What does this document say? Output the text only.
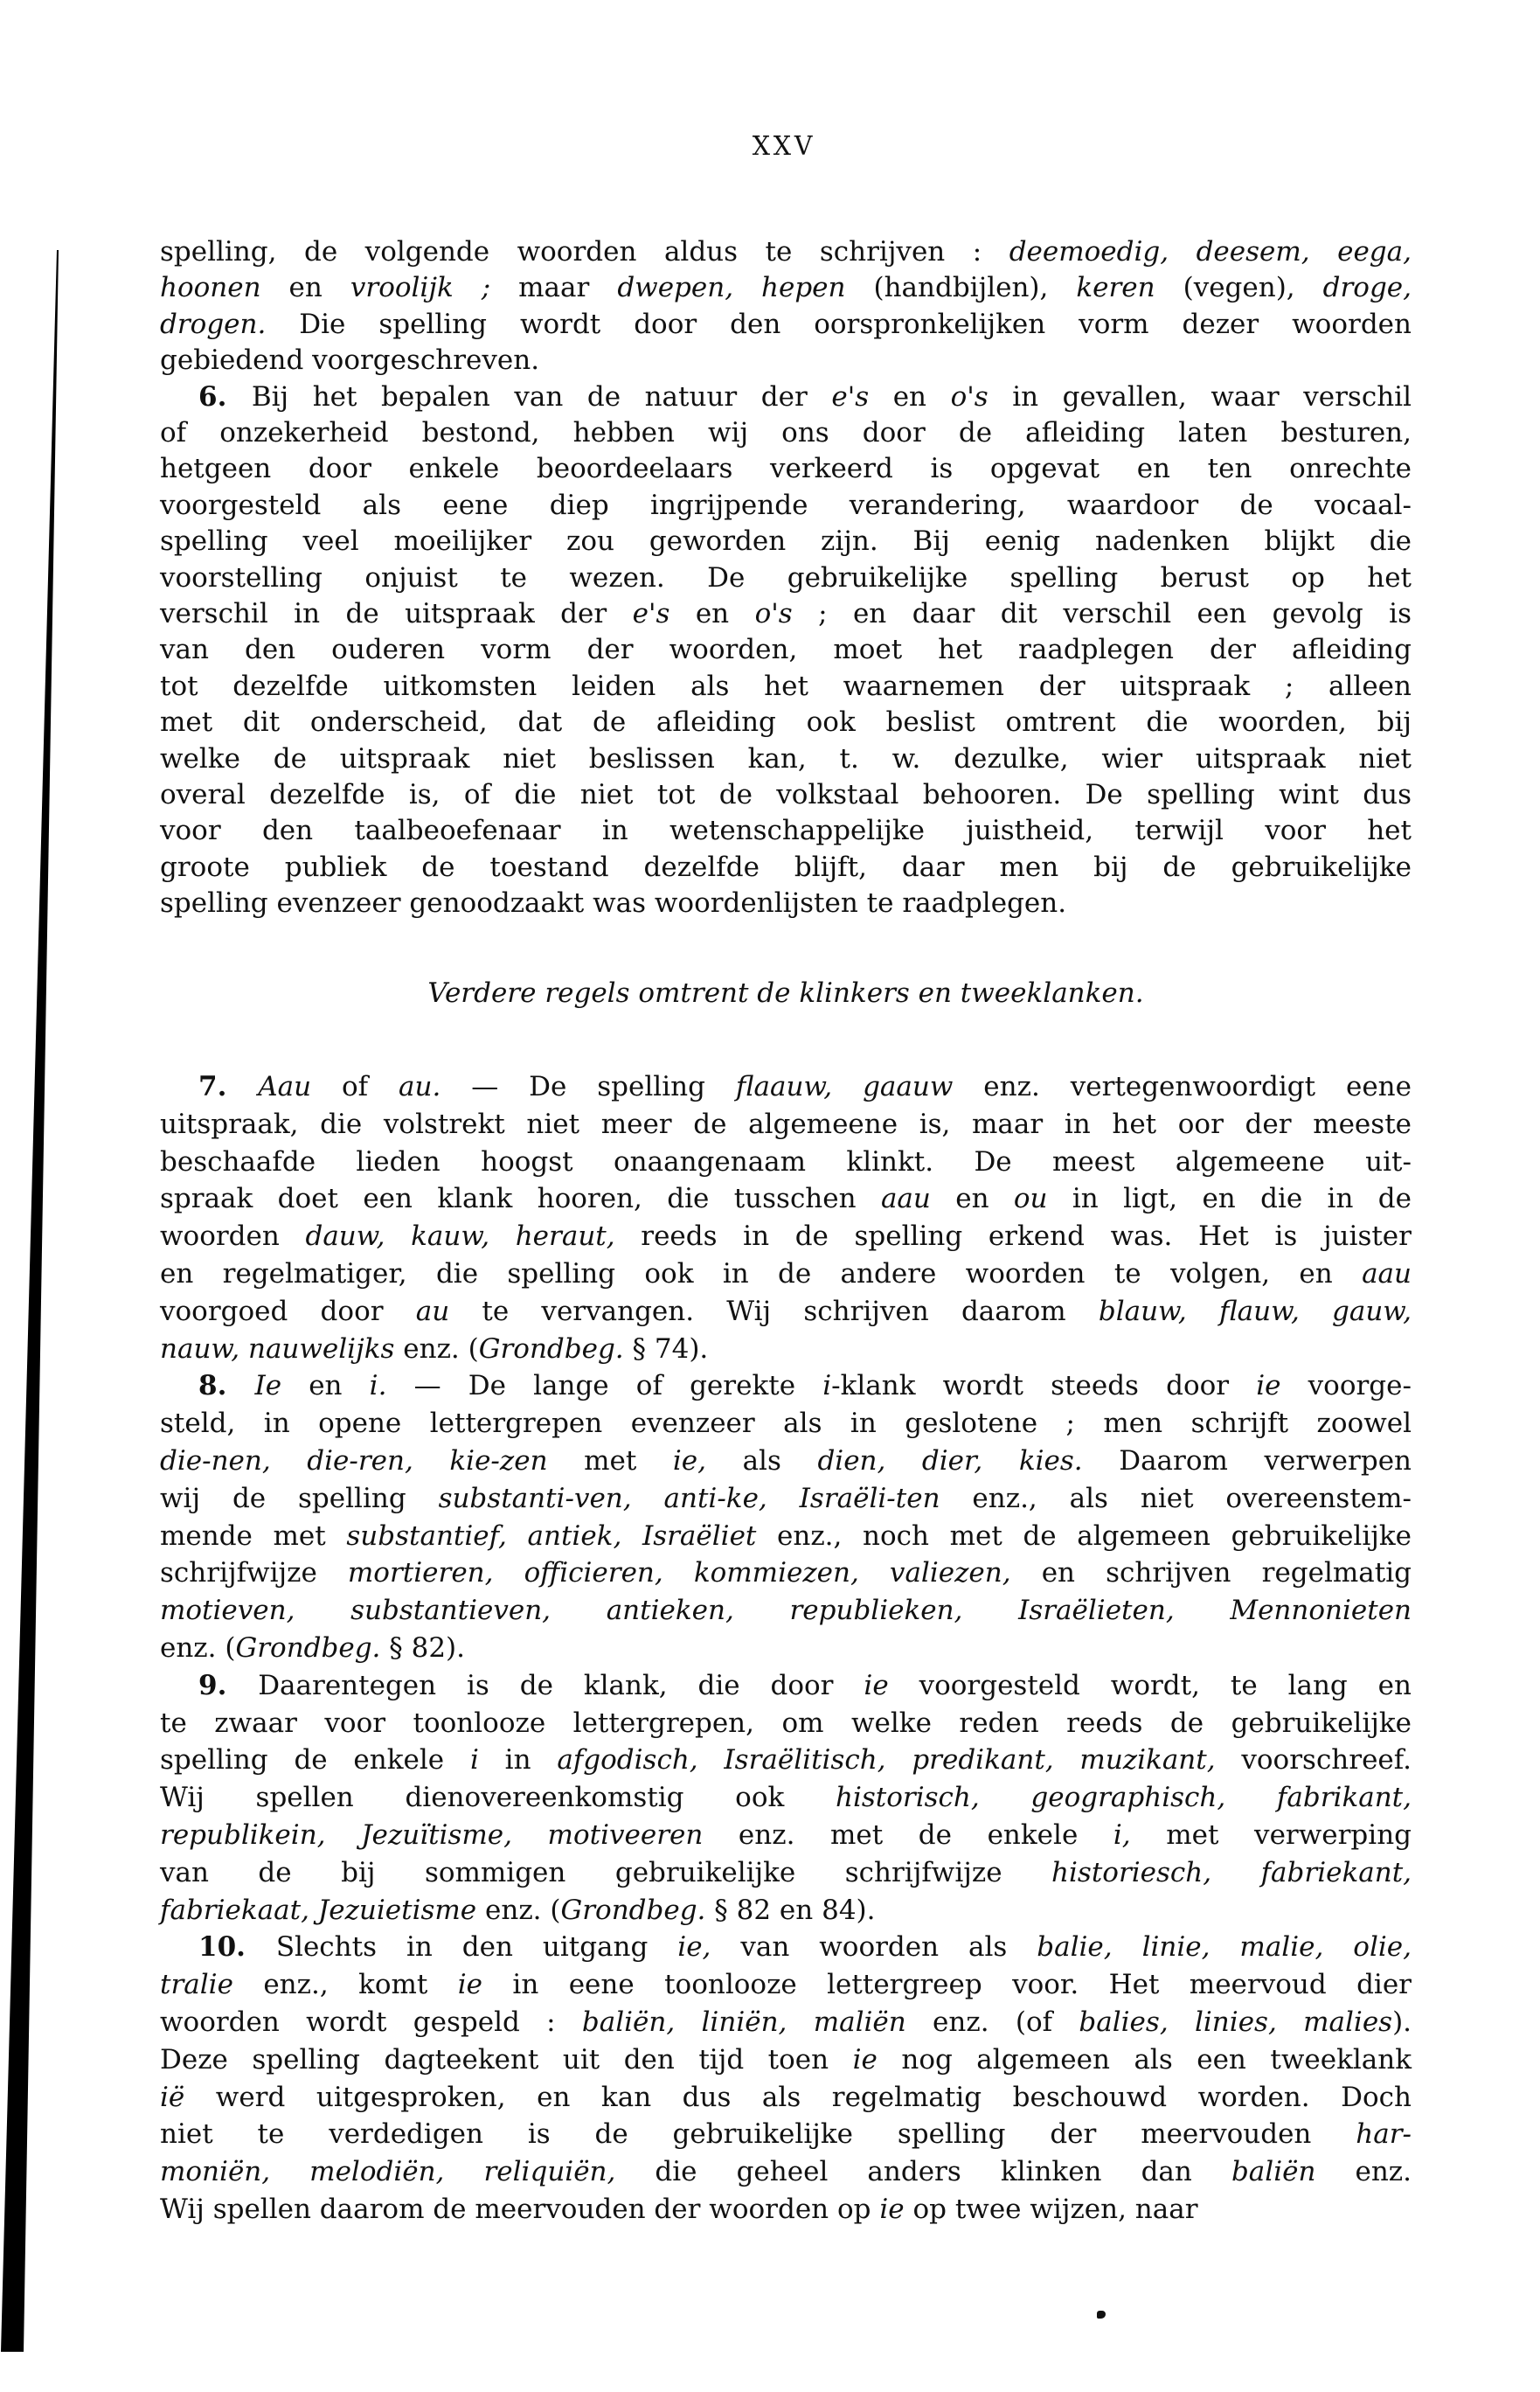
XXV
spelling, de volgende woorden aldus te schrijven : deemoedig, deesem, eega,
hoonen en vroolijk ; maar dwepen, hepen (handbijlen), keren (vegen), droge,
drogen. Die spelling wordt door den oorspronkelijken vorm dezer woorden
gebiedend voorgeschreven.
6. Bij het bepalen van de natuur der e's en o's in gevallen, waar verschil
of onzekerheid bestond, hebben wij ons door de afleiding laten besturen,
hetgeen door enkele beoordeelaars verkeerd is opgevat en ten onrechte
voorgesteld als eene diep ingrijpende verandering, waardoor de vocaal-
spelling veel moeilijker zou geworden zijn. Bij eenig nadenken blijkt die
voorstelling onjuist te wezen. De gebruikelijke spelling berust op het
verschil in de uitspraak der e's en o's ; en daar dit verschil een gevolg is
van den ouderen vorm der woorden, moet het raadplegen der afleiding
tot dezelfde uitkomsten leiden als het waarnemen der uitspraak ; alleen
met dit onderscheid, dat de afleiding ook beslist omtrent die woorden, bij
welke de uitspraak niet beslissen kan, t. w. dezulke, wier uitspraak niet
overal dezelfde is, of die niet tot de volkstaal behooren. De spelling wint dus
voor den taalbeoefenaar in wetenschappelijke juistheid, terwijl voor het
groote publiek de toestand dezelfde blijft, daar men bij de gebruikelijke
spelling evenzeer genoodzaakt was woordenlijsten te raadplegen.
Verdere regels omtrent de klinkers en tweeklanken.
7. Aau of au. — De spelling flaauw, gaauw enz. vertegenwoordigt eene
uitspraak, die volstrekt niet meer de algemeene is, maar in het oor der meeste
beschaafde lieden hoogst onaangenaam klinkt. De meest algemeene uit-
spraak doet een klank hooren, die tusschen aau en ou in ligt, en die in de
woorden dauw, kauw, heraut, reeds in de spelling erkend was. Het is juister
en regelmatiger, die spelling ook in de andere woorden te volgen, en aau
voorgoed door au te vervangen. Wij schrijven daarom blauw, flauw, gauw,
nauw, nauwelijks enz. (Grondbeg. § 74).
8. Ie en i. — De lange of gerekte i-klank wordt steeds door ie voorge-
steld, in opene lettergrepen evenzeer als in geslotene ; men schrijft zoowel
die-nen, die-ren, kie-zen met ie, als dien, dier, kies. Daarom verwerpen
wij de spelling substanti-ven, anti-ke, Israëli-ten enz., als niet overeenstem-
mende met substantief, antiek, Israëliet enz., noch met de algemeen gebruikelijke
schrijfwijze mortieren, officieren, kommiezen, valiezen, en schrijven regelmatig
motieven, substantieven, antieken, republieken, Israëlieten, Mennonieten
enz. (Grondbeg. § 82).
9. Daarentegen is de klank, die door ie voorgesteld wordt, te lang en
te zwaar voor toonlooze lettergrepen, om welke reden reeds de gebruikelijke
spelling de enkele i in afgodisch, Israëlitisch, predikant, muzikant, voorschreef.
Wij spellen dienovereenkomstig ook historisch, geographisch, fabrikant,
republikein, Jezuïtisme, motiveeren enz. met de enkele i, met verwerping
van de bij sommigen gebruikelijke schrijfwijze historiesch, fabriekant,
fabriekaat, Jezuietisme enz. (Grondbeg. § 82 en 84).
10. Slechts in den uitgang ie, van woorden als balie, linie, malie, olie,
tralie enz., komt ie in eene toonlooze lettergreep voor. Het meervoud dier
woorden wordt gespeld : baliën, liniën, maliën enz. (of balies, linies, malies).
Deze spelling dagteekent uit den tijd toen ie nog algemeen als een tweeklank
ië werd uitgesproken, en kan dus als regelmatig beschouwd worden. Doch
niet te verdedigen is de gebruikelijke spelling der meervouden har-
moniën, melodiën, reliquiën, die geheel anders klinken dan baliën enz.
Wij spellen daarom de meervouden der woorden op ie op twee wijzen, naar
